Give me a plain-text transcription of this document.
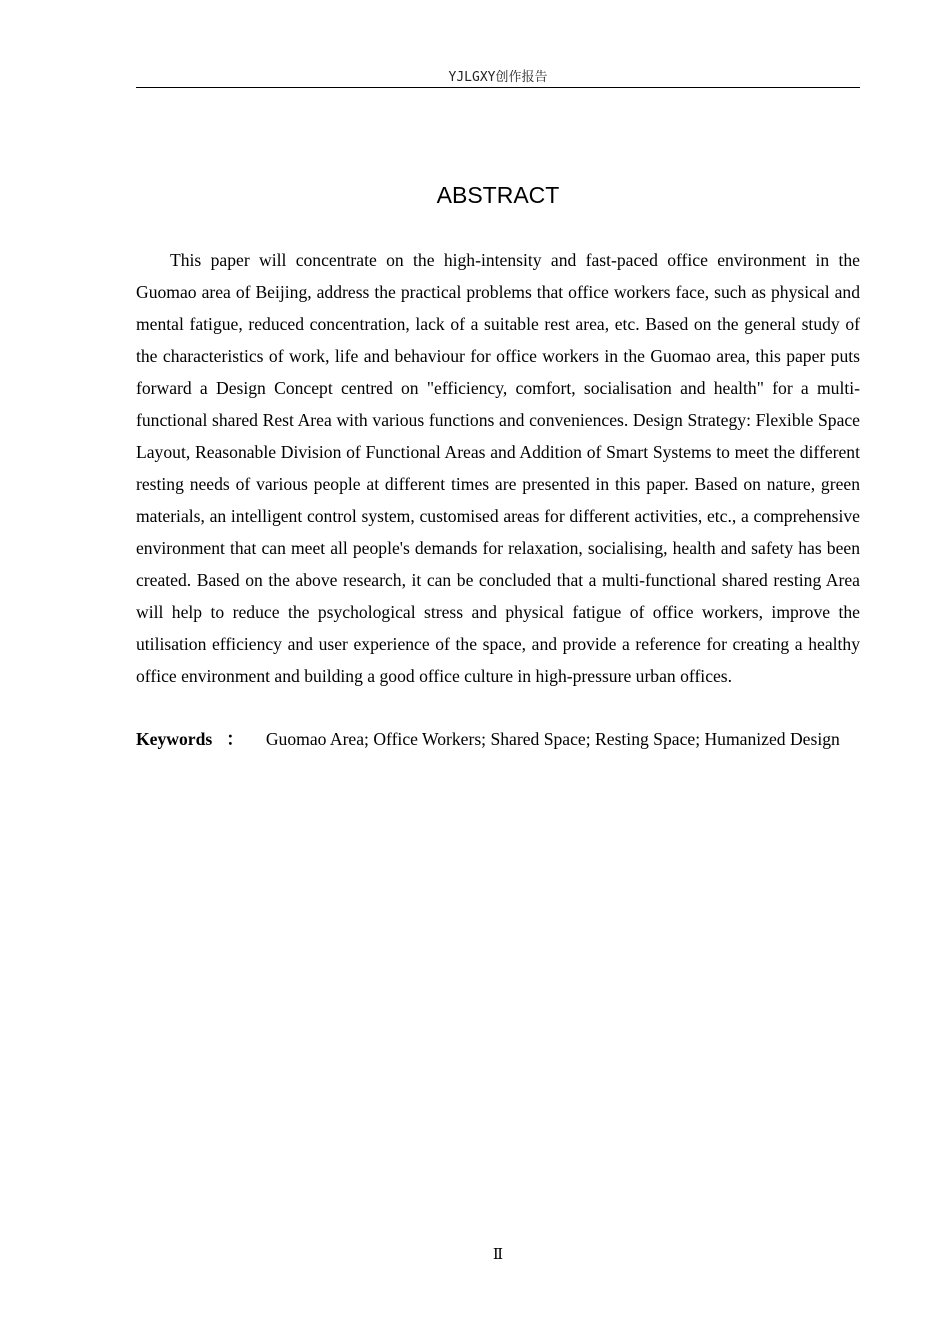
YJLGXY创作报告
ABSTRACT

This paper will concentrate on the high-intensity and fast-paced office environment in the Guomao area of Beijing, address the practical problems that office workers face, such as physical and mental fatigue, reduced concentration, lack of a suitable rest area, etc. Based on the general study of the characteristics of work, life and behaviour for office workers in the Guomao area, this paper puts forward a Design Concept centred on "efficiency, comfort, socialisation and health" for a multi-functional shared Rest Area with various functions and conveniences. Design Strategy: Flexible Space Layout, Reasonable Division of Functional Areas and Addition of Smart Systems to meet the different resting needs of various people at different times are presented in this paper. Based on nature, green materials, an intelligent control system, customised areas for different activities, etc., a comprehensive environment that can meet all people's demands for relaxation, socialising, health and safety has been created. Based on the above research, it can be concluded that a multi-functional shared resting Area will help to reduce the psychological stress and physical fatigue of office workers, improve the utilisation efficiency and user experience of the space, and provide a reference for creating a healthy office environment and building a good office culture in high-pressure urban offices.

Keywords ： Guomao Area; Office Workers; Shared Space; Resting Space; Humanized Design

Ⅱ
